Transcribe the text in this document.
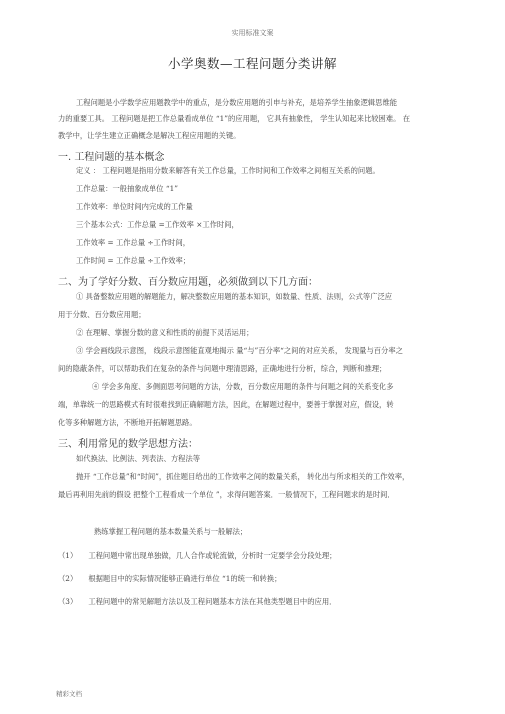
实用标准文案
小学奥数—工程问题分类讲解
工程问题是小学数学应用题教学中的重点，是分数应用题的引申与补充，是培养学生抽象逻辑思维能
力的重要工具。 工程问题是把工作总量看成单位 “1”的应用题， 它具有抽象性， 学生认知起来比较困难。 在
教学中，让学生建立正确概念是解决工程应用题的关键。
一. 工程问题的基本概念
定义 ： 工程问题是指用分数来解答有关工作总量，工作时间和工作效率之间相互关系的问题。
工作总量：一般抽象成单位 “1”
工作效率：单位时间内完成的工作量
三个基本公式：工作总量 =工作效率 ×工作时间，
工作效率 = 工作总量 ÷工作时间，
工作时间 = 工作总量 ÷工作效率；
二、为了学好分数、百分数应用题，必须做到以下几方面：
① 具备整数应用题的解题能力，解决整数应用题的基本知识，如数量、性质、法则，公式等广泛应
用于分数、百分数应用题；
② 在理解、掌握分数的意义和性质的前提下灵活运用；
③ 学会画线段示意图， 线段示意图能直观地揭示 量“与”百分率“之间的对应关系， 发现量与百分率之
间的隐蔽条件，可以帮助我们在复杂的条件与问题中理清思路，正确地进行分析，综合，判断和推理；
④ 学会多角度、多侧面思考问题的方法，分数，百分数应用题的条件与问题之间的关系变化多
端，单靠统一的思路模式有时很难找到正确解题方法，因此，在解题过程中，要善于掌握对应，假设，转
化等多种解题方法，不断地开拓解题思路。
三、利用常见的数学思想方法：
如代换法、比例法、列表法、方程法等
抛开 “工作总量”和“时间”，抓住题目给出的工作效率之间的数量关系， 转化出与所求相关的工作效率，
最后再利用先前的假设 把整个工程看成一个单位 ”，求得问题答案．一般情况下，工程问题求的是时间．
熟练掌握工程问题的基本数量关系与一般解法；
（1） 工程问题中常出现单独做，几人合作或轮流做，分析时一定要学会分段处理；
（2） 根据题目中的实际情况能够正确进行单位 “1的统一和转换；
（3） 工程问题中的常见解题方法以及工程问题基本方法在其他类型题目中的应用．
精彩文档
